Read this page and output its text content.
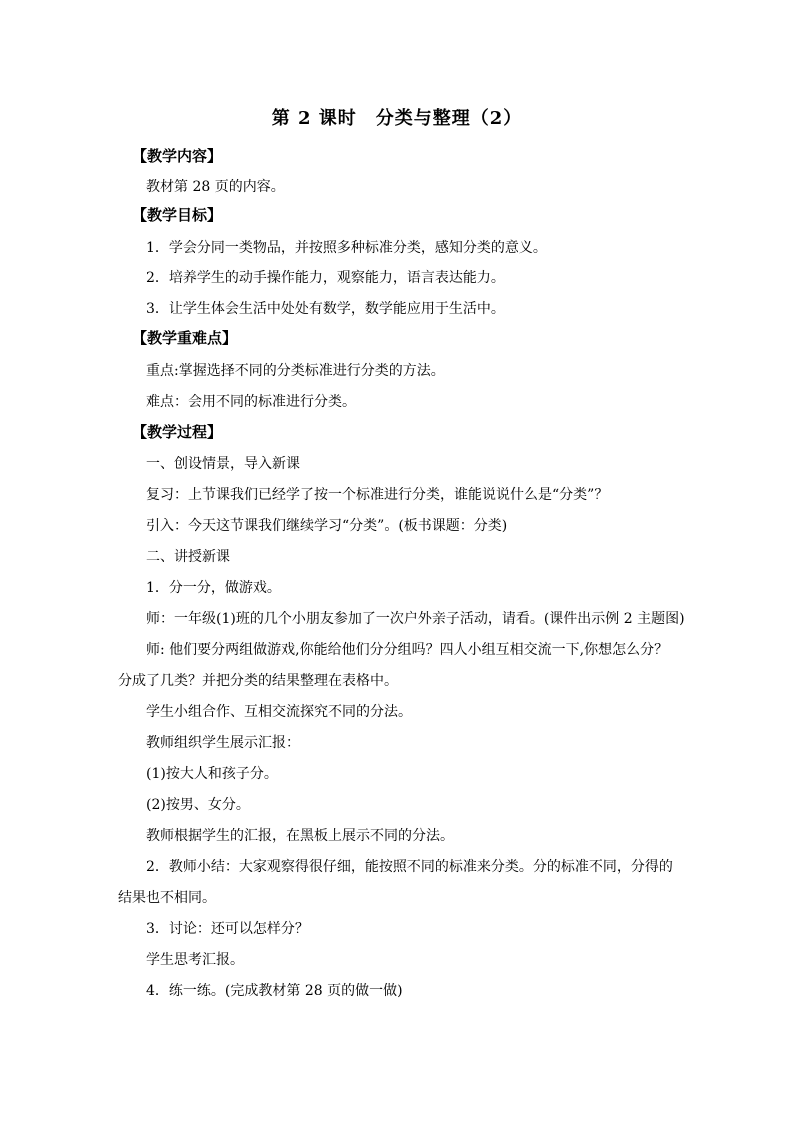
第 2 课时　分类与整理（2）
【教学内容】
教材第 28 页的内容。
【教学目标】
1．学会分同一类物品，并按照多种标准分类，感知分类的意义。
2．培养学生的动手操作能力，观察能力，语言表达能力。
3．让学生体会生活中处处有数学，数学能应用于生活中。
【教学重难点】
重点:掌握选择不同的分类标准进行分类的方法。
难点：会用不同的标准进行分类。
【教学过程】
一、创设情景，导入新课
复习：上节课我们已经学了按一个标准进行分类，谁能说说什么是“分类”？
引入：今天这节课我们继续学习“分类”。(板书课题：分类)
二、讲授新课
1．分一分，做游戏。
师：一年级(1)班的几个小朋友参加了一次户外亲子活动，请看。(课件出示例 2 主题图)
师: 他们要分两组做游戏,你能给他们分分组吗？四人小组互相交流一下,你想怎么分？
分成了几类？并把分类的结果整理在表格中。
学生小组合作、互相交流探究不同的分法。
教师组织学生展示汇报：
(1)按大人和孩子分。
(2)按男、女分。
教师根据学生的汇报，在黑板上展示不同的分法。
2．教师小结：大家观察得很仔细，能按照不同的标准来分类。分的标准不同，分得的
结果也不相同。
3．讨论：还可以怎样分？
学生思考汇报。
4．练一练。(完成教材第 28 页的做一做)
